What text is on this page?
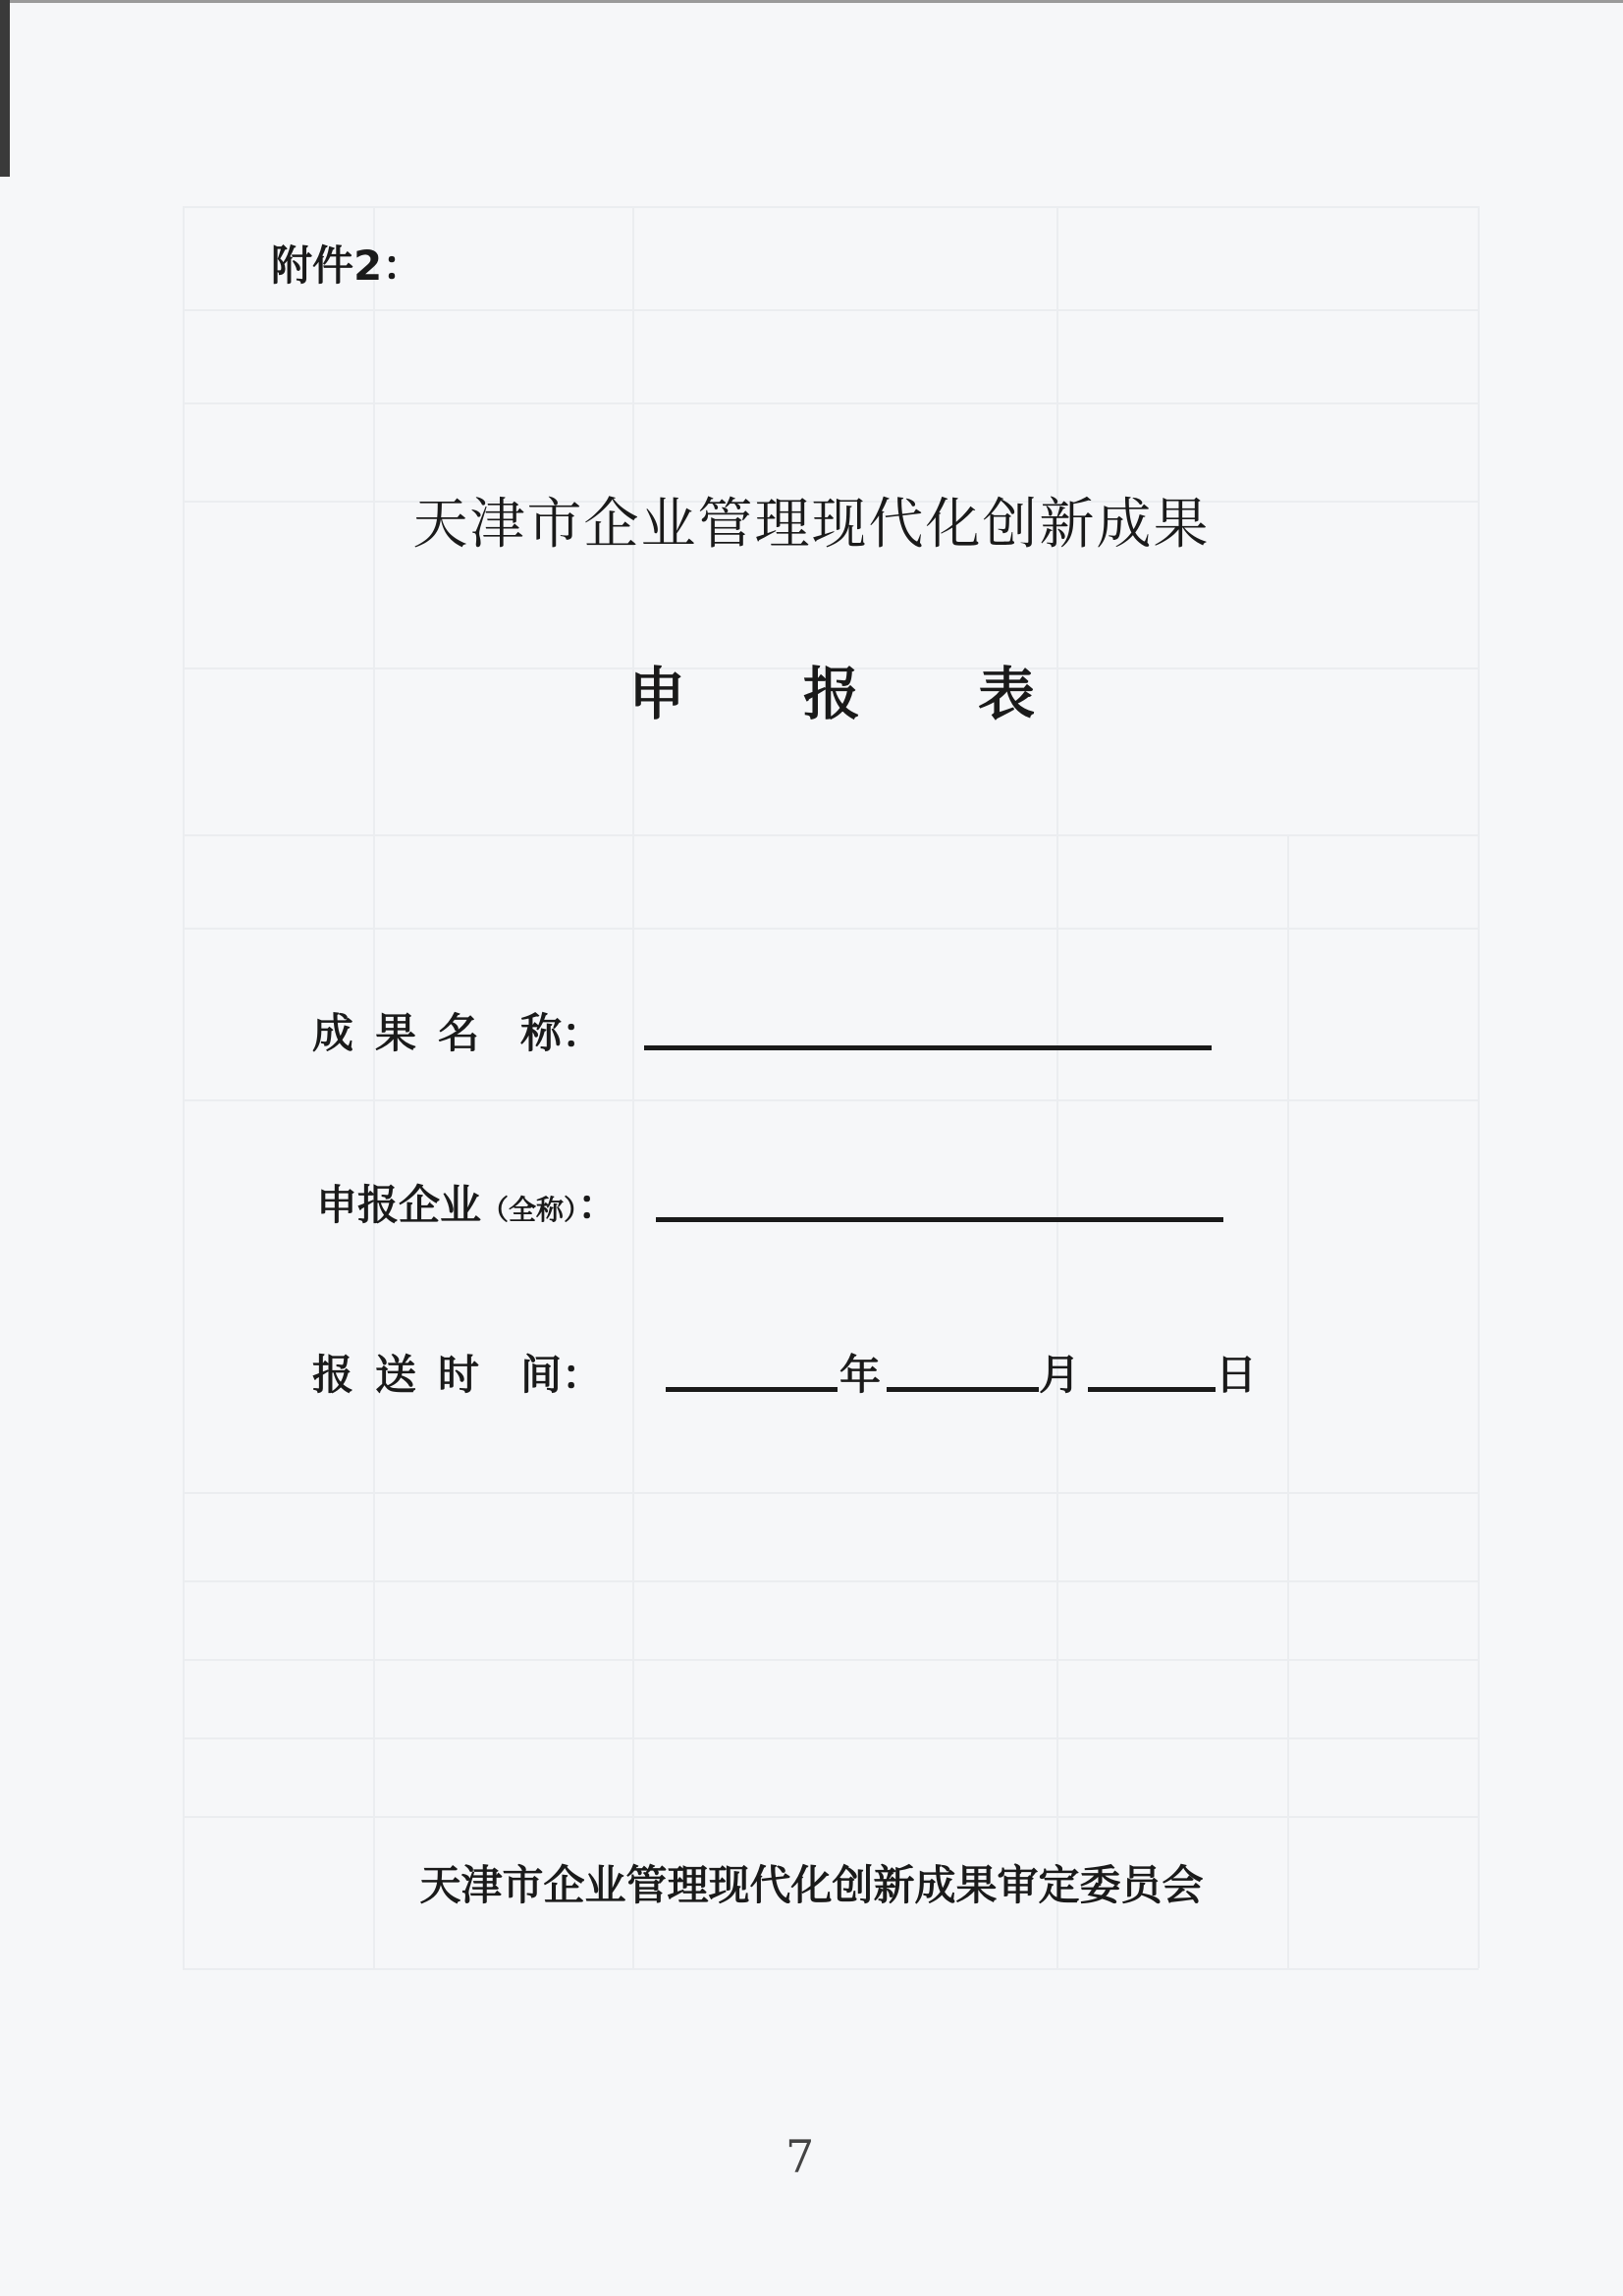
附件2：
天津市企业管理现代化创新成果
申 报 表
成 果 名 称：
申报企业（全称）：
报 送 时 间：	年	月	日
天津市企业管理现代化创新成果审定委员会
7
